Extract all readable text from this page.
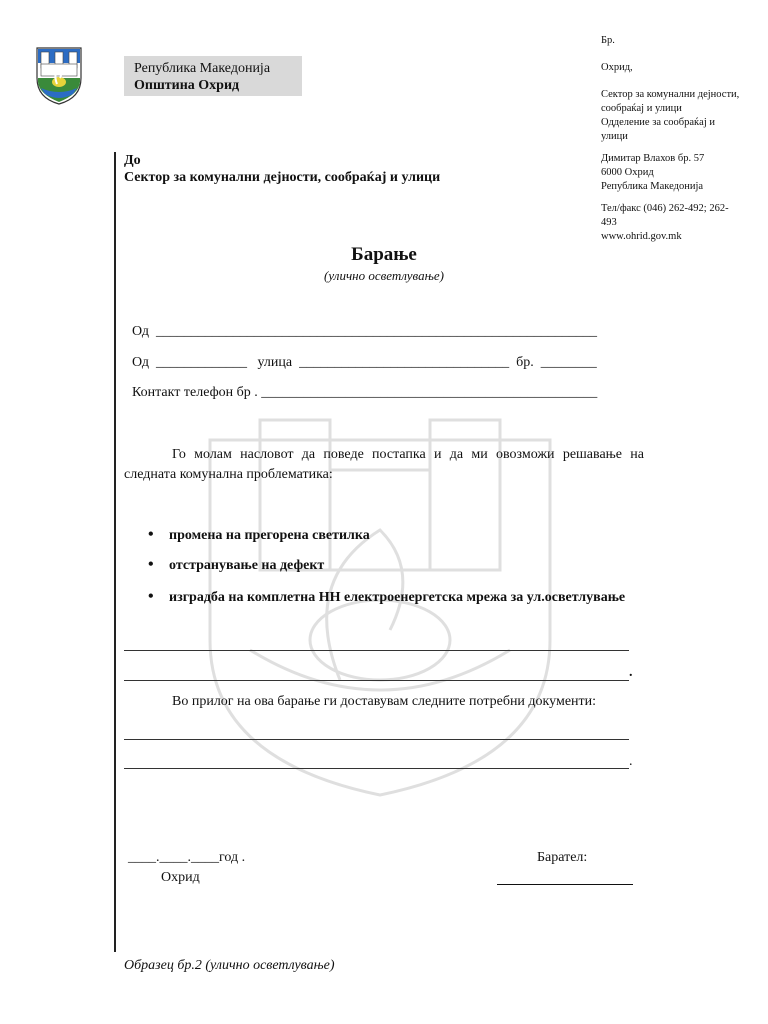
Република Македонија
Општина Охрид
Бр.
Охрид,
Сектор за комунални дејности,
сообраќај и улици
Одделение за сообраќај и
улици
Димитар Влахов бр. 57
6000 Охрид
Република Македонија
Тел/факс (046) 262-492; 262-
493
www.ohrid.gov.mk
До
Сектор за комунални дејности, сообраќај и улици
Барање
(улично осветлување)
Од  _______________________________________________________________
Од  _____________   улица  ______________________________  бр.  ________
Контакт телефон бр . ________________________________________________
Го молам насловот да поведе постапка и да ми овозможи решавање на следната комунална проблематика:
• промена на прегорена светилка
• отстранување на дефект
• изградба на комплетна НН електроенергетска мрежа за ул.осветлување
.
Во прилог на ова барање ги доставувам следните потребни документи:
.
____.____.____год .
Охрид
Барател:
Образец бр.2 (улично осветлување)
